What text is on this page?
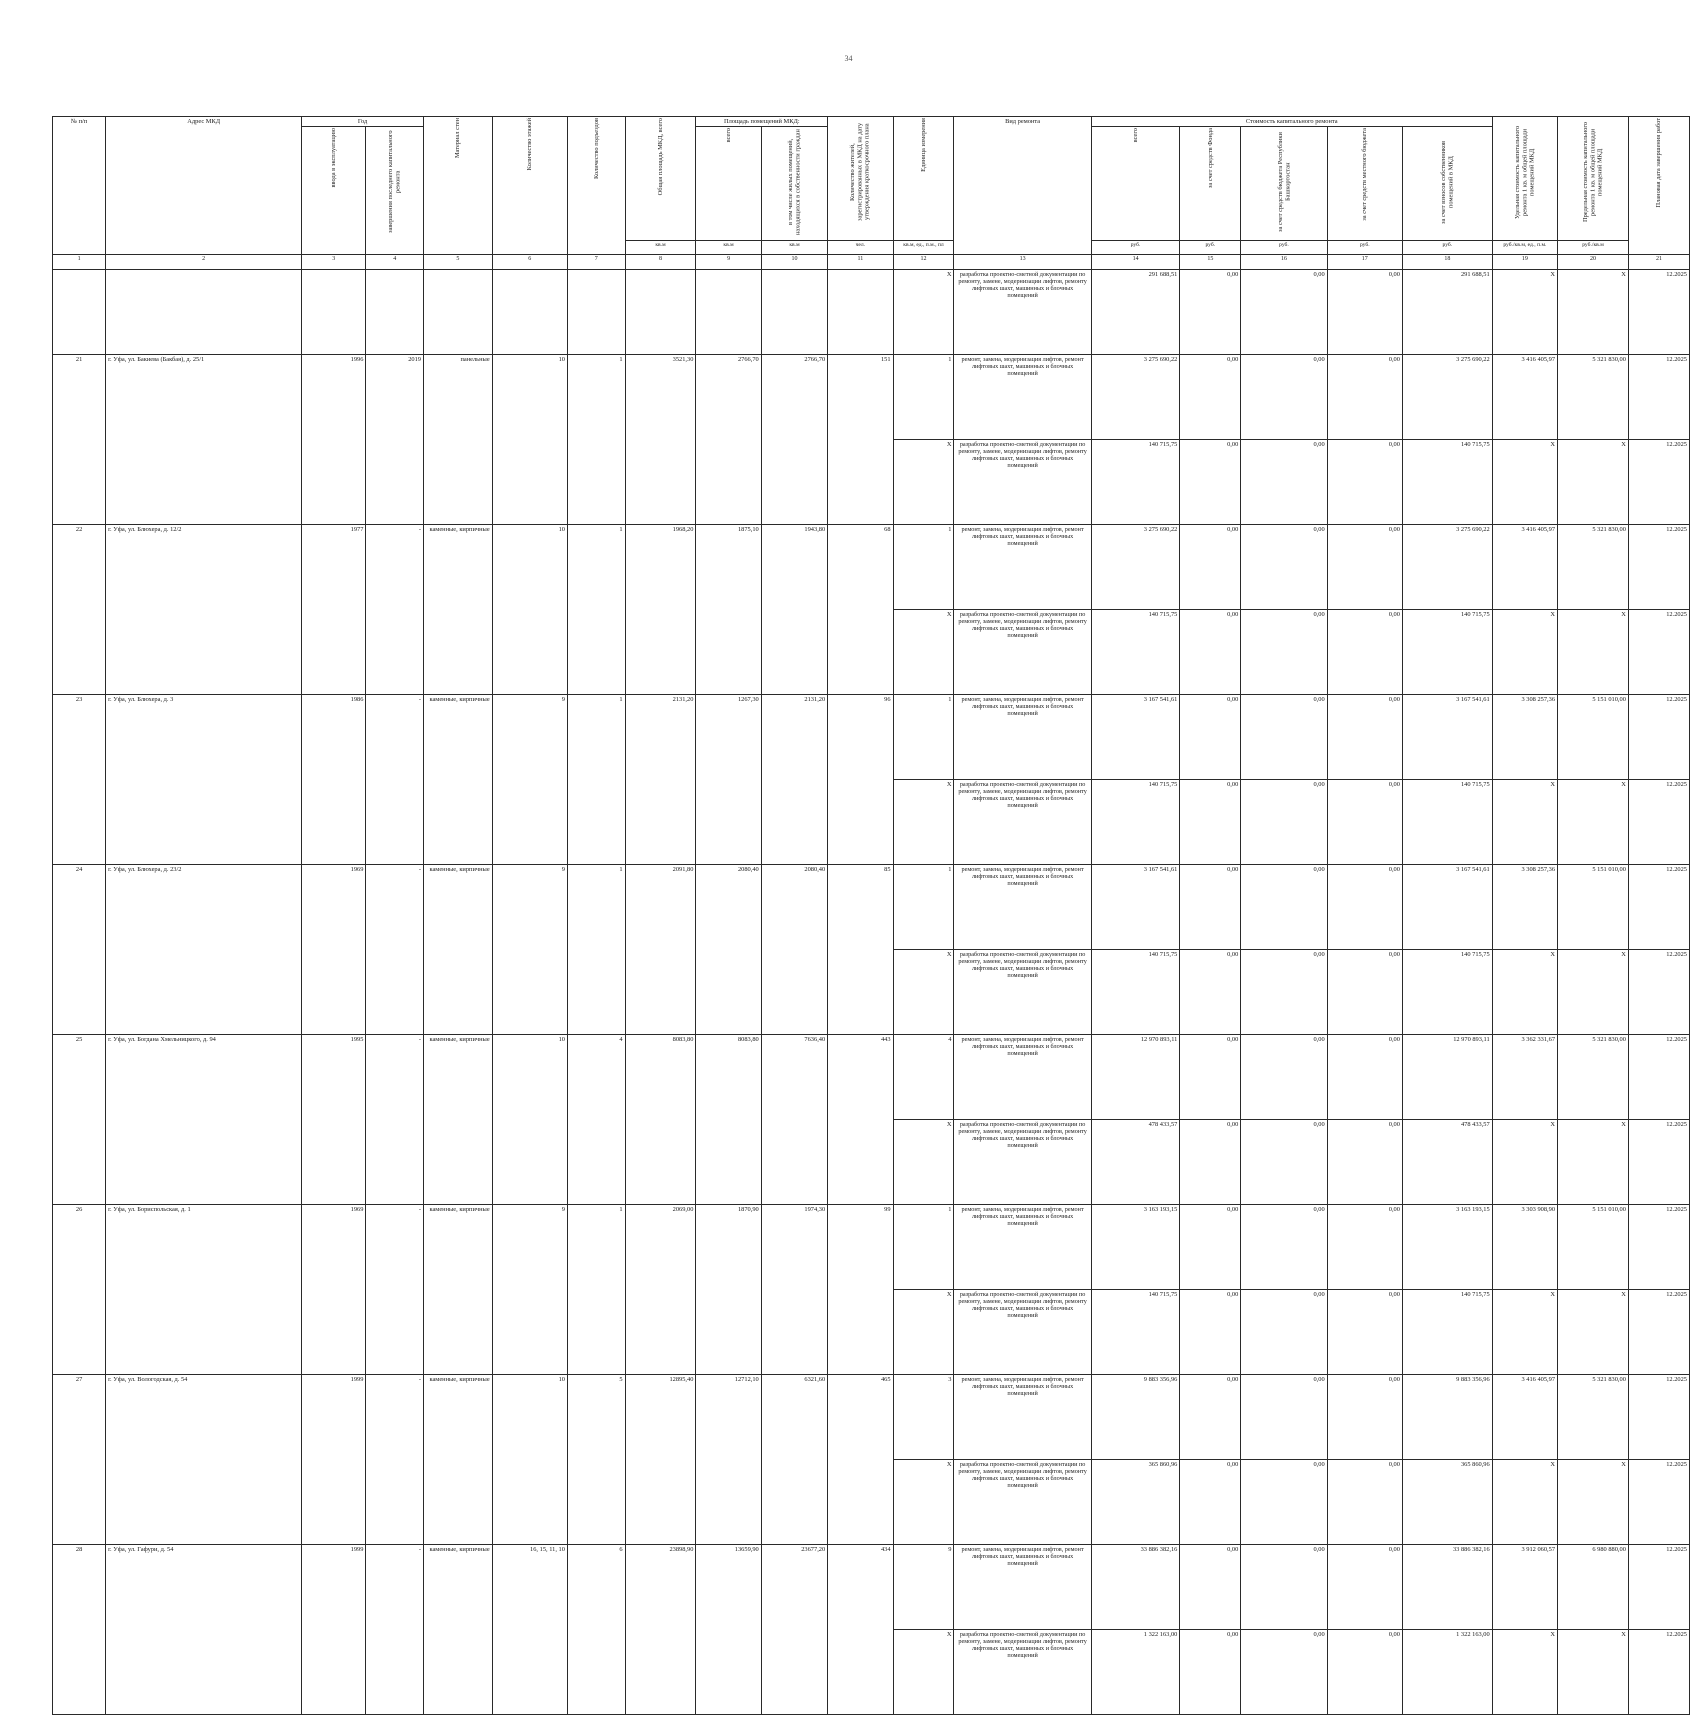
34
№ п/п	Адрес МКД	Год		Материал стен	Количество этажей	Количество подъездов	Общая площадь МКД, всего	Площадь помещений МКД:		Количество жителей, зарегистрированных в МКД на дату утверждения краткосрочного плана	Единица измерения	Вид ремонта	Стоимость капитального ремонта					Удельная стоимость капитального ремонта 1 кв. м общей площади помещений МКД	Предельная стоимость капитального ремонта 1 кв. м общей площади помещений МКД	Плановая дата завершения работ
		ввода в эксплуатацию	завершения последнего капитального ремонта					всего	в том числе жилых помещений, находящихся в собственности граждан				всего	за счет средств Фонда	за счет средств бюджета Республики Башкортостан	за счет средств местного бюджета	за счет взносов собственников помещений в МКД			
							кв.м	кв.м	кв.м	чел.	кв.м, ед., п.м., пл		руб.	руб.	руб.	руб.	руб.	руб./кв.м, ед., п.м.	руб./кв.м	
1	2	3	4	5	6	7	8	9	10	11	12	13	14	15	16	17	18	19	20	21
											X	разработка проектно-сметной документации по ремонту, замене, модернизации лифтов, ремонту лифтовых шахт, машинных и блочных помещений	291 688,51	0,00	0,00	0,00	291 688,51	X	X	12.2025
21	г. Уфа, ул. Бакиева (Бакбая), д. 25/1	1996	2019	панельные	10	1	3521,30	2766,70	2766,70	151	1	ремонт, замена, модернизация лифтов, ремонт лифтовых шахт, машинных и блочных помещений	3 275 690,22	0,00	0,00	0,00	3 275 690,22	3 416 405,97	5 321 830,00	12.2025
											X	разработка проектно-сметной документации по ремонту, замене, модернизации лифтов, ремонту лифтовых шахт, машинных и блочных помещений	140 715,75	0,00	0,00	0,00	140 715,75	X	X	12.2025
22	г. Уфа, ул. Блюхера, д. 12/2	1977	-	каменные, кирпичные	10	1	1968,20	1875,10	1943,80	68	1	ремонт, замена, модернизация лифтов, ремонт лифтовых шахт, машинных и блочных помещений	3 275 690,22	0,00	0,00	0,00	3 275 690,22	3 416 405,97	5 321 830,00	12.2025
											X	разработка проектно-сметной документации по ремонту, замене, модернизации лифтов, ремонту лифтовых шахт, машинных и блочных помещений	140 715,75	0,00	0,00	0,00	140 715,75	X	X	12.2025
23	г. Уфа, ул. Блюхера, д. 3	1986	-	каменные, кирпичные	9	1	2131,20	1267,30	2131,20	96	1	ремонт, замена, модернизация лифтов, ремонт лифтовых шахт, машинных и блочных помещений	3 167 541,61	0,00	0,00	0,00	3 167 541,61	3 308 257,36	5 151 010,00	12.2025
											X	разработка проектно-сметной документации по ремонту, замене, модернизации лифтов, ремонту лифтовых шахт, машинных и блочных помещений	140 715,75	0,00	0,00	0,00	140 715,75	X	X	12.2025
24	г. Уфа, ул. Блюхера, д. 23/2	1969	-	каменные, кирпичные	9	1	2091,80	2080,40	2080,40	85	1	ремонт, замена, модернизация лифтов, ремонт лифтовых шахт, машинных и блочных помещений	3 167 541,61	0,00	0,00	0,00	3 167 541,61	3 308 257,36	5 151 010,00	12.2025
											X	разработка проектно-сметной документации по ремонту, замене, модернизации лифтов, ремонту лифтовых шахт, машинных и блочных помещений	140 715,75	0,00	0,00	0,00	140 715,75	X	X	12.2025
25	г. Уфа, ул. Богдана Хмельницкого, д. 94	1995	-	каменные, кирпичные	10	4	8083,80	8083,80	7636,40	443	4	ремонт, замена, модернизация лифтов, ремонт лифтовых шахт, машинных и блочных помещений	12 970 893,11	0,00	0,00	0,00	12 970 893,11	3 362 331,67	5 321 830,00	12.2025
											X	разработка проектно-сметной документации по ремонту, замене, модернизации лифтов, ремонту лифтовых шахт, машинных и блочных помещений	478 433,57	0,00	0,00	0,00	478 433,57	X	X	12.2025
26	г. Уфа, ул. Бориспольская, д. 1	1969	-	каменные, кирпичные	9	1	2069,00	1870,90	1974,30	99	1	ремонт, замена, модернизация лифтов, ремонт лифтовых шахт, машинных и блочных помещений	3 163 193,15	0,00	0,00	0,00	3 163 193,15	3 303 908,90	5 151 010,00	12.2025
											X	разработка проектно-сметной документации по ремонту, замене, модернизации лифтов, ремонту лифтовых шахт, машинных и блочных помещений	140 715,75	0,00	0,00	0,00	140 715,75	X	X	12.2025
27	г. Уфа, ул. Вологодская, д. 54	1999	-	каменные, кирпичные	10	5	12895,40	12712,10	6321,60	465	3	ремонт, замена, модернизация лифтов, ремонт лифтовых шахт, машинных и блочных помещений	9 883 356,96	0,00	0,00	0,00	9 883 356,96	3 416 405,97	5 321 830,00	12.2025
											X	разработка проектно-сметной документации по ремонту, замене, модернизации лифтов, ремонту лифтовых шахт, машинных и блочных помещений	365 860,96	0,00	0,00	0,00	365 860,96	X	X	12.2025
28	г. Уфа, ул. Гафури, д. 54	1999	-	каменные, кирпичные	16, 15, 11, 10	6	23898,90	13659,90	23677,20	434	9	ремонт, замена, модернизация лифтов, ремонт лифтовых шахт, машинных и блочных помещений	33 886 382,16	0,00	0,00	0,00	33 886 382,16	3 912 060,57	6 980 880,00	12.2025
											X	разработка проектно-сметной документации по ремонту, замене, модернизации лифтов, ремонту лифтовых шахт, машинных и блочных помещений	1 322 163,00	0,00	0,00	0,00	1 322 163,00	X	X	12.2025
